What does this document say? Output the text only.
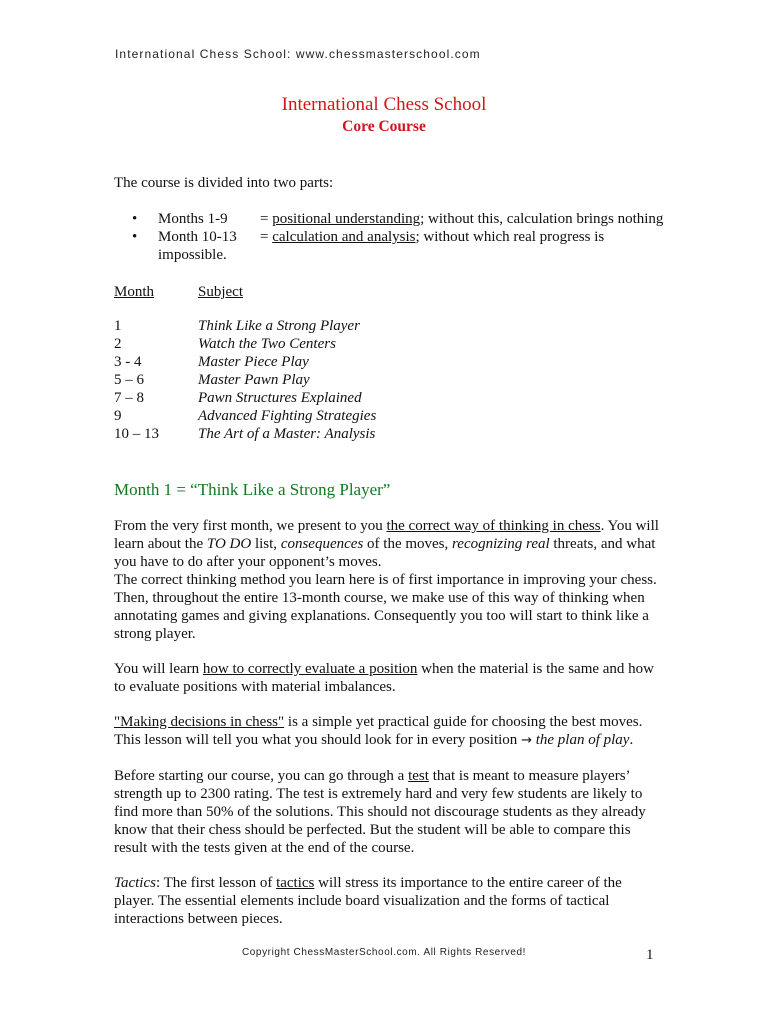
International Chess School: www.chessmasterschool.com
International Chess School
Core Course

The course is divided into two parts:

• Months 1-9 = positional understanding; without this, calculation brings nothing
• Month 10-13 = calculation and analysis; without which real progress is impossible.
Month	Subject
1	Think Like a Strong Player
2	Watch the Two Centers
3 - 4	Master Piece Play
5 – 6	Master Pawn Play
7 – 8	Pawn Structures Explained
9	Advanced Fighting Strategies
10 – 13	The Art of a Master: Analysis
Month 1 = “Think Like a Strong Player”

From the very first month, we present to you the correct way of thinking in chess. You will learn about the TO DO list, consequences of the moves, recognizing real threats, and what you have to do after your opponent’s moves.
The correct thinking method you learn here is of first importance in improving your chess. Then, throughout the entire 13-month course, we make use of this way of thinking when annotating games and giving explanations. Consequently you too will start to think like a strong player.

You will learn how to correctly evaluate a position when the material is the same and how to evaluate positions with material imbalances.

"Making decisions in chess" is a simple yet practical guide for choosing the best moves. This lesson will tell you what you should look for in every position → the plan of play.

Before starting our course, you can go through a test that is meant to measure players’ strength up to 2300 rating. The test is extremely hard and very few students are likely to find more than 50% of the solutions. This should not discourage students as they already know that their chess should be perfected. But the student will be able to compare this result with the tests given at the end of the course.

Tactics: The first lesson of tactics will stress its importance to the entire career of the player. The essential elements include board visualization and the forms of tactical interactions between pieces.

Copyright ChessMasterSchool.com. All Rights Reserved!	1
